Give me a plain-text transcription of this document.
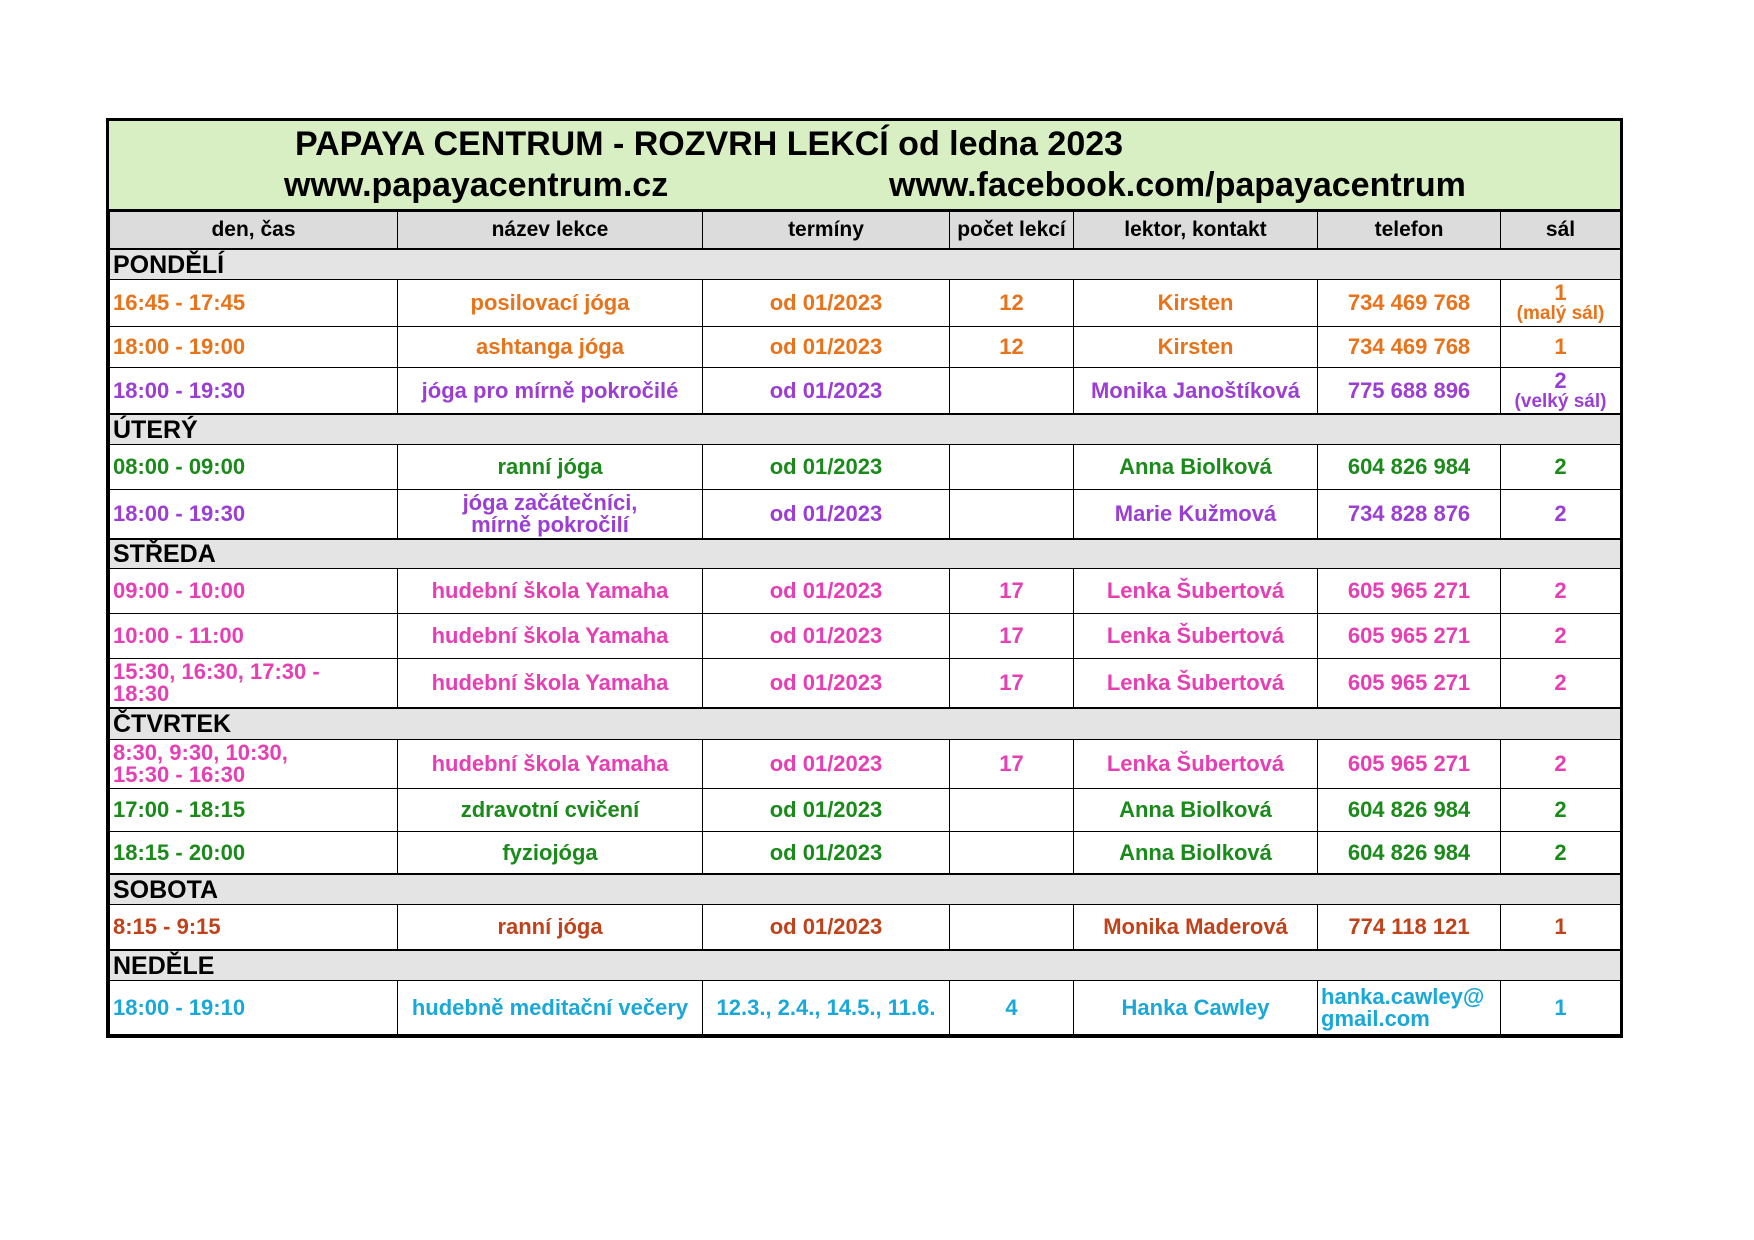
PAPAYA CENTRUM - ROZVRH LEKCÍ od ledna 2023
www.papayacentrum.cz	www.facebook.com/papayacentrum
den, čas	název lekce	termíny	počet lekcí	lektor, kontakt	telefon	sál
PONDĚLÍ						
16:45 - 17:45	posilovací jóga	od 01/2023	12	Kirsten	734 469 768	1
(malý sál)

18:00 - 19:00	ashtanga jóga	od 01/2023	12	Kirsten	734 469 768	1
18:00 - 19:30	jóga pro mírně pokročilé	od 01/2023		Monika Janoštíková	775 688 896	2
(velký sál)

ÚTERÝ						
08:00 - 09:00	ranní jóga	od 01/2023		Anna Biolková	604 826 984	2
18:00 - 19:30	jóga začátečníci,
mírně pokročilí	od 01/2023		Marie Kužmová	734 828 876	2
STŘEDA						
09:00 - 10:00	hudební škola Yamaha	od 01/2023	17	Lenka Šubertová	605 965 271	2
10:00 - 11:00	hudební škola Yamaha	od 01/2023	17	Lenka Šubertová	605 965 271	2

15:30, 16:30, 17:30 -
18:30	hudební škola Yamaha	od 01/2023	17	Lenka Šubertová	605 965 271	2
ČTVRTEK						

8:30, 9:30, 10:30,
15:30 - 16:30	hudební škola Yamaha	od 01/2023	17	Lenka Šubertová	605 965 271	2
17:00 - 18:15	zdravotní cvičení	od 01/2023		Anna Biolková	604 826 984	2
18:15 - 20:00	fyziojóga	od 01/2023		Anna Biolková	604 826 984	2
SOBOTA						
8:15 - 9:15	ranní jóga	od 01/2023		Monika Maderová	774 118 121	1
NEDĚLE						
18:00 - 19:10	hudebně meditační večery	12.3., 2.4., 14.5., 11.6.	4	Hanka Cawley	hanka.cawley@
gmail.com	1
